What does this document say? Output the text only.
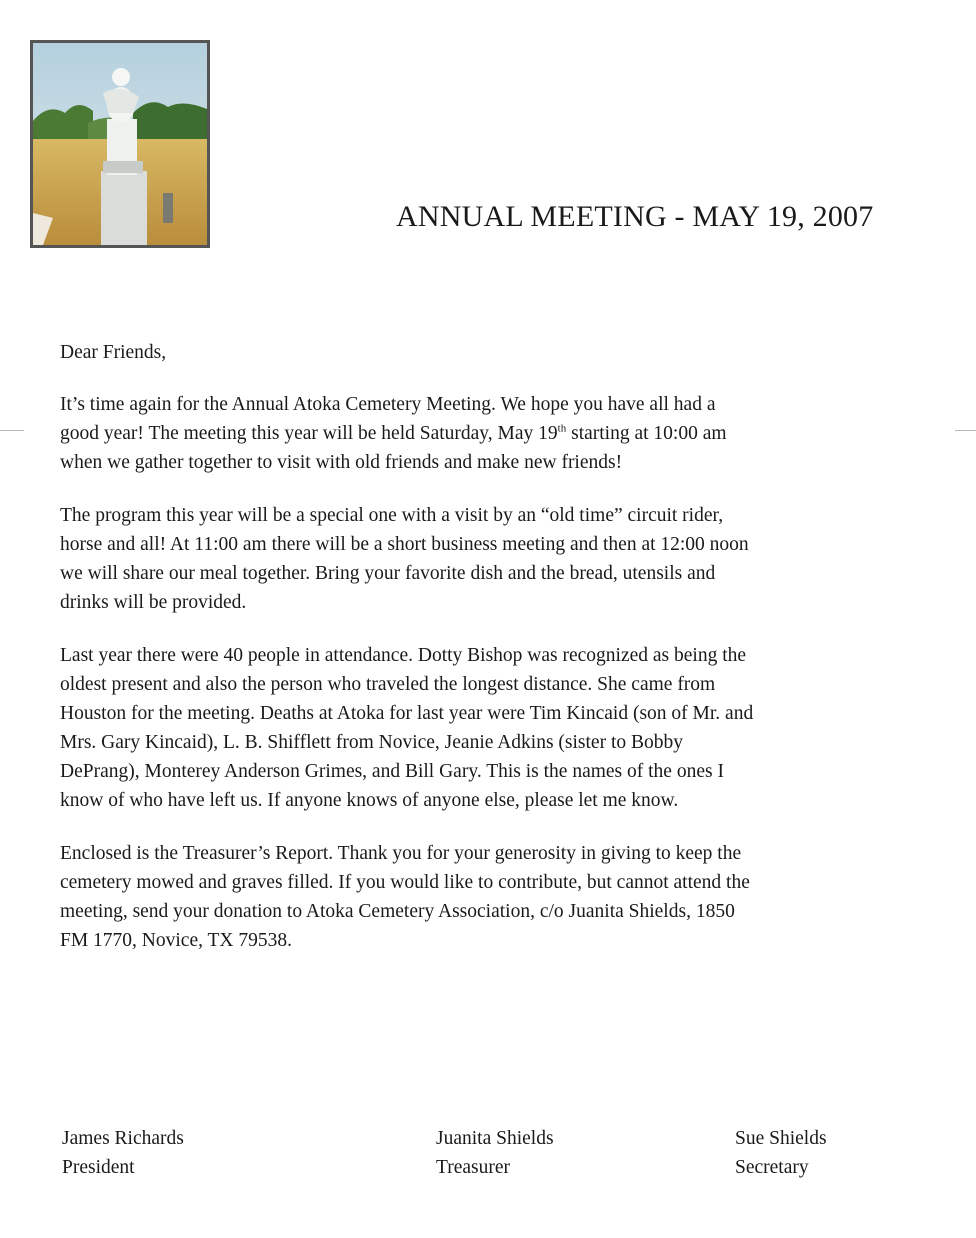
ANNUAL MEETING - MAY 19, 2007

Dear Friends,

It’s time again for the Annual Atoka Cemetery Meeting. We hope you have all had a
good year! The meeting this year will be held Saturday, May 19th starting at 10:00 am
when we gather together to visit with old friends and make new friends!

The program this year will be a special one with a visit by an “old time” circuit rider,
horse and all! At 11:00 am there will be a short business meeting and then at 12:00 noon
we will share our meal together. Bring your favorite dish and the bread, utensils and
drinks will be provided.

Last year there were 40 people in attendance. Dotty Bishop was recognized as being the
oldest present and also the person who traveled the longest distance. She came from
Houston for the meeting. Deaths at Atoka for last year were Tim Kincaid (son of Mr. and
Mrs. Gary Kincaid), L. B. Shifflett from Novice, Jeanie Adkins (sister to Bobby
DePrang), Monterey Anderson Grimes, and Bill Gary. This is the names of the ones I
know of who have left us. If anyone knows of anyone else, please let me know.

Enclosed is the Treasurer’s Report. Thank you for your generosity in giving to keep the
cemetery mowed and graves filled. If you would like to contribute, but cannot attend the
meeting, send your donation to Atoka Cemetery Association, c/o Juanita Shields, 1850
FM 1770, Novice, TX 79538.

James Richards
President
Juanita Shields
Treasurer
Sue Shields
Secretary
